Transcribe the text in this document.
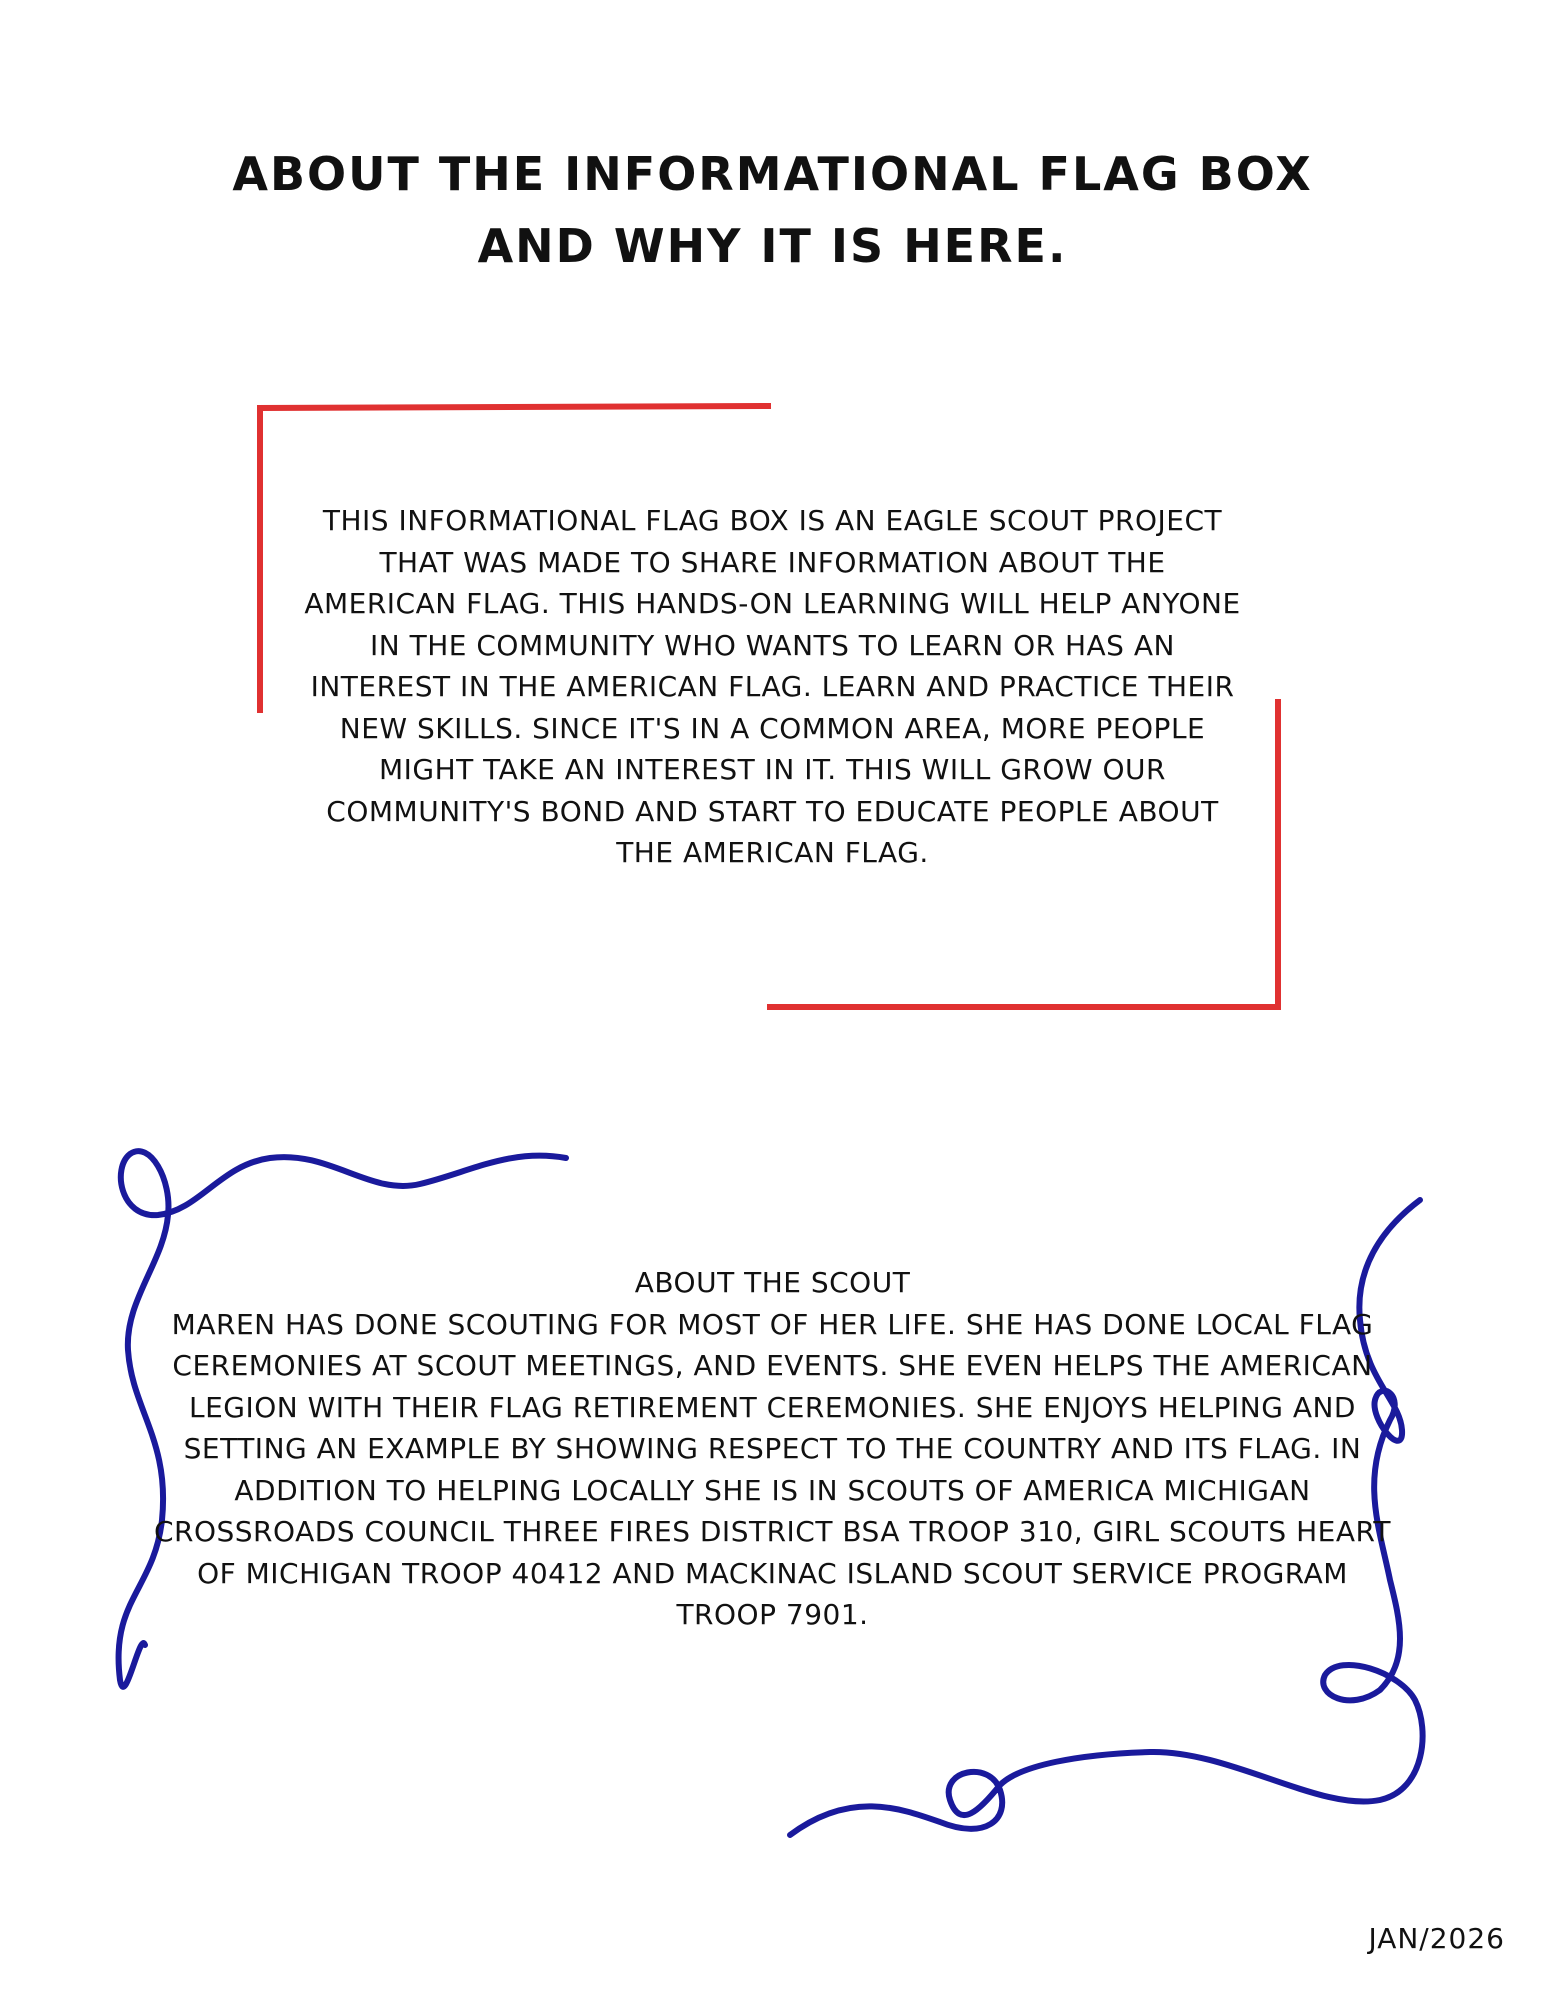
ABOUT THE INFORMATIONAL FLAG BOX
AND WHY IT IS HERE.

THIS INFORMATIONAL FLAG BOX IS AN EAGLE SCOUT PROJECT THAT WAS MADE TO SHARE INFORMATION ABOUT THE AMERICAN FLAG. THIS HANDS-ON LEARNING WILL HELP ANYONE IN THE COMMUNITY WHO WANTS TO LEARN OR HAS AN INTEREST IN THE AMERICAN FLAG. LEARN AND PRACTICE THEIR NEW SKILLS. SINCE IT'S IN A COMMON AREA, MORE PEOPLE MIGHT TAKE AN INTEREST IN IT. THIS WILL GROW OUR COMMUNITY'S BOND AND START TO EDUCATE PEOPLE ABOUT THE AMERICAN FLAG.

ABOUT THE SCOUT

MAREN HAS DONE SCOUTING FOR MOST OF HER LIFE. SHE HAS DONE LOCAL FLAG CEREMONIES AT SCOUT MEETINGS, AND EVENTS. SHE EVEN HELPS THE AMERICAN LEGION WITH THEIR FLAG RETIREMENT CEREMONIES. SHE ENJOYS HELPING AND SETTING AN EXAMPLE BY SHOWING RESPECT TO THE COUNTRY AND ITS FLAG. IN ADDITION TO HELPING LOCALLY SHE IS IN SCOUTS OF AMERICA MICHIGAN CROSSROADS COUNCIL THREE FIRES DISTRICT BSA TROOP 310, GIRL SCOUTS HEART OF MICHIGAN TROOP 40412 AND MACKINAC ISLAND SCOUT SERVICE PROGRAM TROOP 7901.

JAN/2026
